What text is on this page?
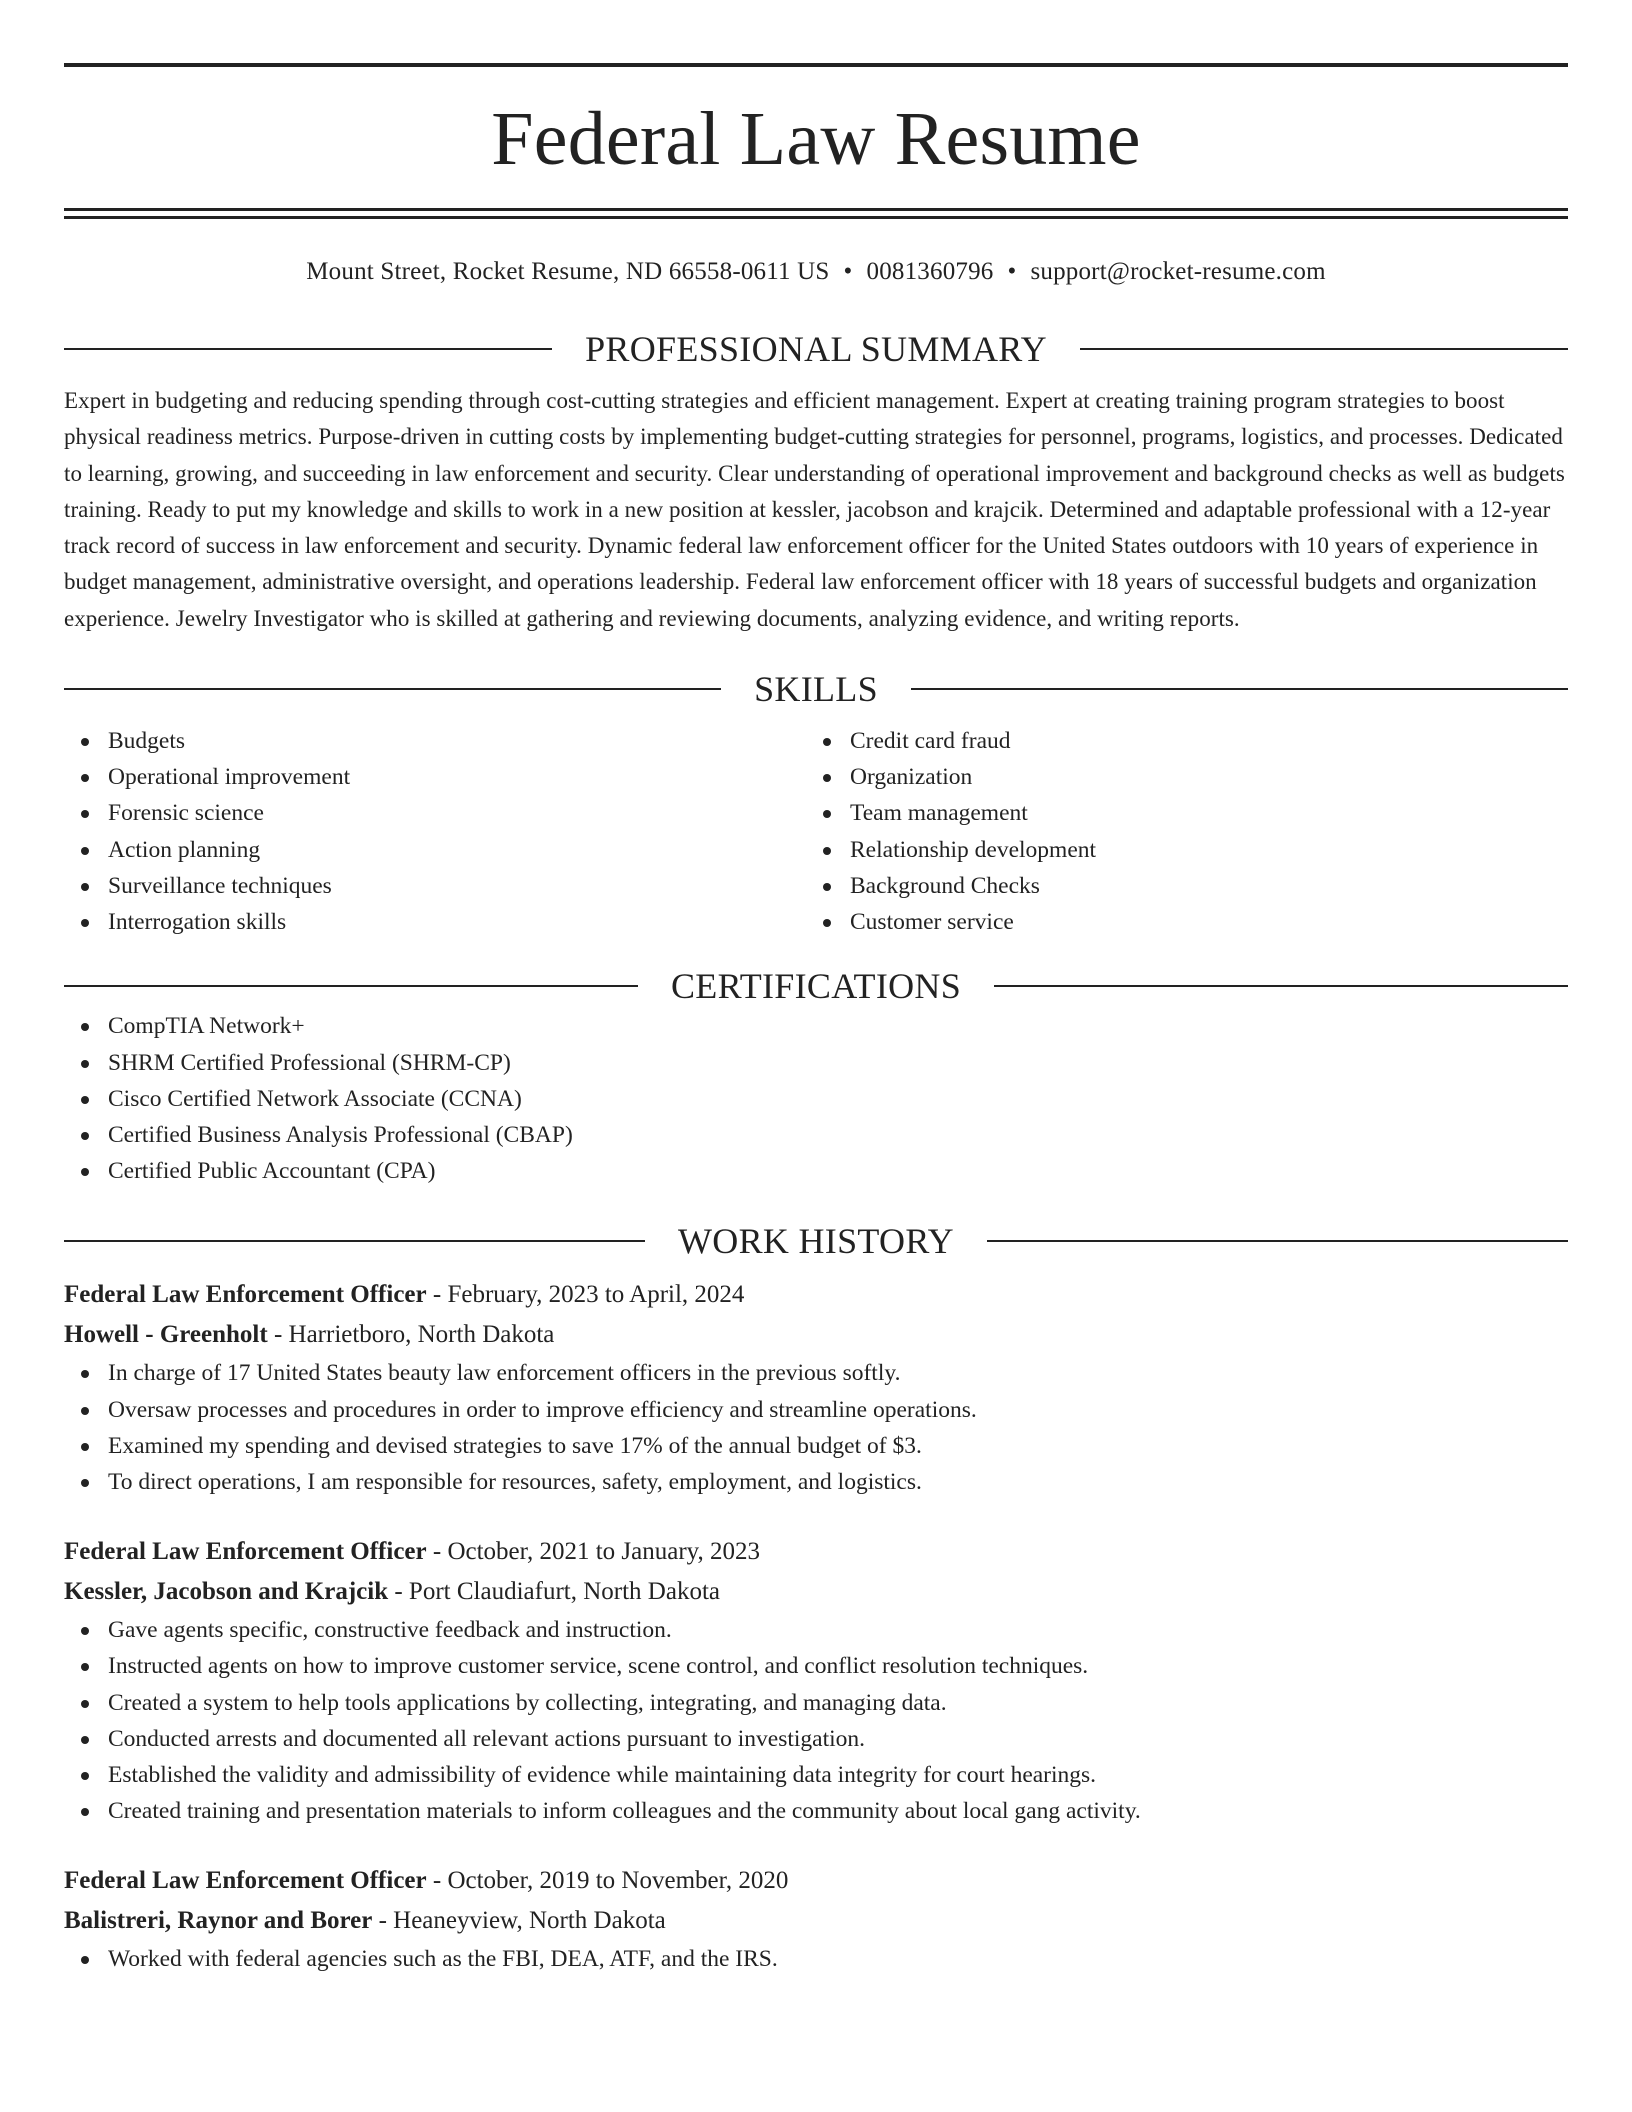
Federal Law Resume
Mount Street, Rocket Resume, ND 66558-0611 US • 0081360796 • support@rocket-resume.com
PROFESSIONAL SUMMARY
Expert in budgeting and reducing spending through cost-cutting strategies and efficient management. Expert at creating training program strategies to boost physical readiness metrics. Purpose-driven in cutting costs by implementing budget-cutting strategies for personnel, programs, logistics, and processes. Dedicated to learning, growing, and succeeding in law enforcement and security. Clear understanding of operational improvement and background checks as well as budgets training. Ready to put my knowledge and skills to work in a new position at kessler, jacobson and krajcik. Determined and adaptable professional with a 12-year track record of success in law enforcement and security. Dynamic federal law enforcement officer for the United States outdoors with 10 years of experience in budget management, administrative oversight, and operations leadership. Federal law enforcement officer with 18 years of successful budgets and organization experience. Jewelry Investigator who is skilled at gathering and reviewing documents, analyzing evidence, and writing reports.
SKILLS
Budgets
Operational improvement
Forensic science
Action planning
Surveillance techniques
Interrogation skills
Credit card fraud
Organization
Team management
Relationship development
Background Checks
Customer service
CERTIFICATIONS
CompTIA Network+
SHRM Certified Professional (SHRM-CP)
Cisco Certified Network Associate (CCNA)
Certified Business Analysis Professional (CBAP)
Certified Public Accountant (CPA)
WORK HISTORY
Federal Law Enforcement Officer - February, 2023 to April, 2024
Howell - Greenholt - Harrietboro, North Dakota
In charge of 17 United States beauty law enforcement officers in the previous softly.
Oversaw processes and procedures in order to improve efficiency and streamline operations.
Examined my spending and devised strategies to save 17% of the annual budget of $3.
To direct operations, I am responsible for resources, safety, employment, and logistics.
Federal Law Enforcement Officer - October, 2021 to January, 2023
Kessler, Jacobson and Krajcik - Port Claudiafurt, North Dakota
Gave agents specific, constructive feedback and instruction.
Instructed agents on how to improve customer service, scene control, and conflict resolution techniques.
Created a system to help tools applications by collecting, integrating, and managing data.
Conducted arrests and documented all relevant actions pursuant to investigation.
Established the validity and admissibility of evidence while maintaining data integrity for court hearings.
Created training and presentation materials to inform colleagues and the community about local gang activity.
Federal Law Enforcement Officer - October, 2019 to November, 2020
Balistreri, Raynor and Borer - Heaneyview, North Dakota
Worked with federal agencies such as the FBI, DEA, ATF, and the IRS.
